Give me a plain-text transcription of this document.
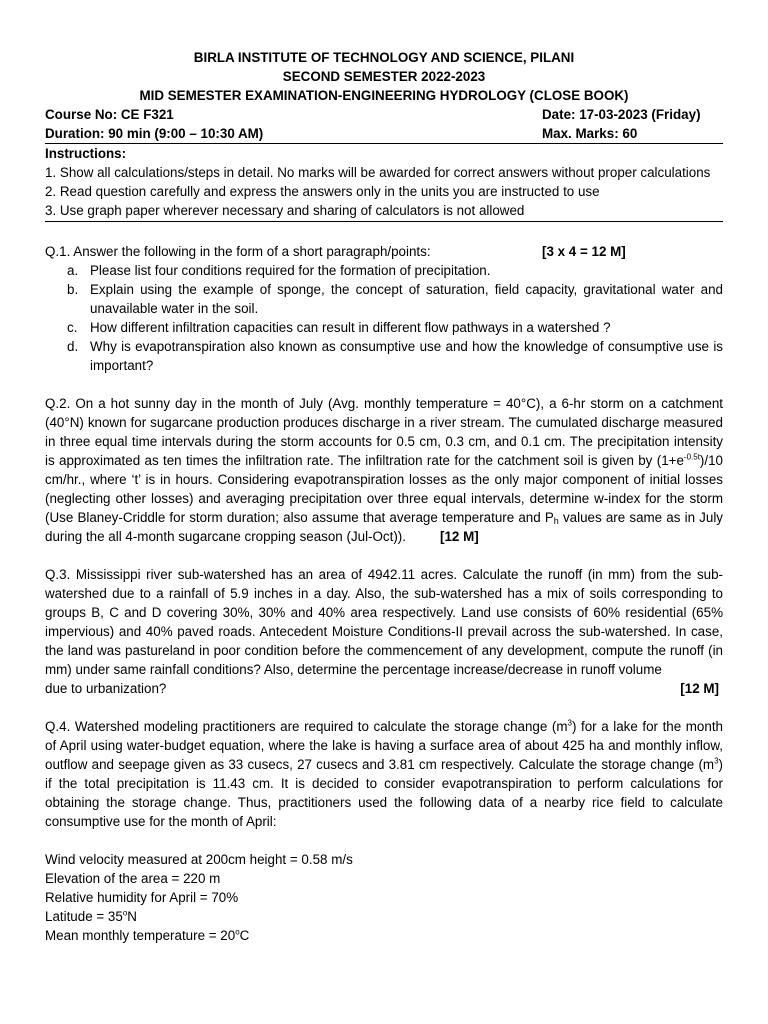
BIRLA INSTITUTE OF TECHNOLOGY AND SCIENCE, PILANI
SECOND SEMESTER 2022-2023
MID SEMESTER EXAMINATION-ENGINEERING HYDROLOGY (CLOSE BOOK)
Course No: CE F321	Date: 17-03-2023 (Friday)
Duration: 90 min (9:00 – 10:30 AM)	Max. Marks: 60
Instructions:
1. Show all calculations/steps in detail. No marks will be awarded for correct answers without proper calculations
2. Read question carefully and express the answers only in the units you are instructed to use
3. Use graph paper wherever necessary and sharing of calculators is not allowed
Q.1. Answer the following in the form of a short paragraph/points:	[3 x 4 = 12 M]
a. Please list four conditions required for the formation of precipitation.
b. Explain using the example of sponge, the concept of saturation, field capacity, gravitational water and unavailable water in the soil.
c. How different infiltration capacities can result in different flow pathways in a watershed ?
d. Why is evapotranspiration also known as consumptive use and how the knowledge of consumptive use is important?
Q.2. On a hot sunny day in the month of July (Avg. monthly temperature = 40°C), a 6-hr storm on a catchment (40°N) known for sugarcane production produces discharge in a river stream. The cumulated discharge measured in three equal time intervals during the storm accounts for 0.5 cm, 0.3 cm, and 0.1 cm. The precipitation intensity is approximated as ten times the infiltration rate. The infiltration rate for the catchment soil is given by $(1+e^{-0.5t})/10$ cm/hr., where ‘t’ is in hours. Considering evapotranspiration losses as the only major component of initial losses (neglecting other losses) and averaging precipitation over three equal intervals, determine w-index for the storm (Use Blaney-Criddle for storm duration; also assume that average temperature and $P_h$ values are same as in July during the all 4-month sugarcane cropping season (Jul-Oct)).	[12 M]
Q.3. Mississippi river sub-watershed has an area of 4942.11 acres. Calculate the runoff (in mm) from the sub-watershed due to a rainfall of 5.9 inches in a day. Also, the sub-watershed has a mix of soils corresponding to groups B, C and D covering 30%, 30% and 40% area respectively. Land use consists of 60% residential (65% impervious) and 40% paved roads. Antecedent Moisture Conditions-II prevail across the sub-watershed. In case, the land was pastureland in poor condition before the commencement of any development, compute the runoff (in mm) under same rainfall conditions? Also, determine the percentage increase/decrease in runoff volume
due to urbanization?	[12 M]
Q.4. Watershed modeling practitioners are required to calculate the storage change $(m^3)$ for a lake for the month of April using water-budget equation, where the lake is having a surface area of about 425 ha and monthly inflow, outflow and seepage given as 33 cusecs, 27 cusecs and 3.81 cm respectively. Calculate the storage change $(m^3)$ if the total precipitation is 11.43 cm. It is decided to consider evapotranspiration to perform calculations for obtaining the storage change. Thus, practitioners used the following data of a nearby rice field to calculate consumptive use for the month of April:
Wind velocity measured at 200cm height = 0.58 m/s
Elevation of the area = 220 m
Relative humidity for April = 70%
Latitude = $35^oN$
Mean monthly temperature = $20^oC$
